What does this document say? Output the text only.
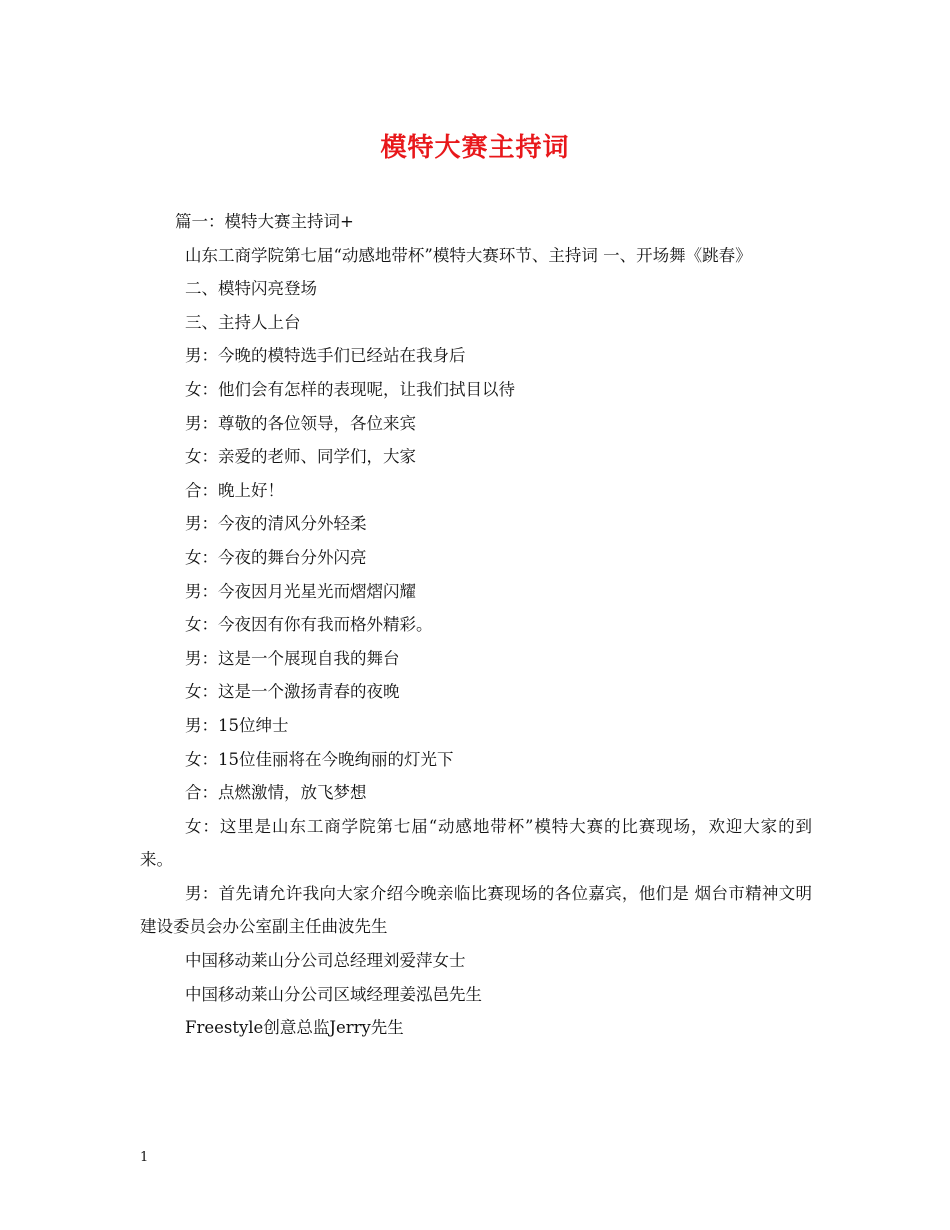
模特大赛主持词

篇一：模特大赛主持词+

山东工商学院第七届“动感地带杯”模特大赛环节、主持词 一、开场舞《跳春》

二、模特闪亮登场

三、主持人上台

男：今晚的模特选手们已经站在我身后

女：他们会有怎样的表现呢，让我们拭目以待

男：尊敬的各位领导，各位来宾

女：亲爱的老师、同学们，大家

合：晚上好！

男：今夜的清风分外轻柔

女：今夜的舞台分外闪亮

男：今夜因月光星光而熠熠闪耀

女：今夜因有你有我而格外精彩。

男：这是一个展现自我的舞台

女：这是一个激扬青春的夜晚

男：15位绅士

女：15位佳丽将在今晚绚丽的灯光下

合：点燃激情，放飞梦想

女：这里是山东工商学院第七届“动感地带杯”模特大赛的比赛现场，欢迎大家的到来。

男：首先请允许我向大家介绍今晚亲临比赛现场的各位嘉宾，他们是 烟台市精神文明建设委员会办公室副主任曲波先生

中国移动莱山分公司总经理刘爱萍女士

中国移动莱山分公司区域经理姜泓邑先生

Freestyle创意总监Jerry先生

1
